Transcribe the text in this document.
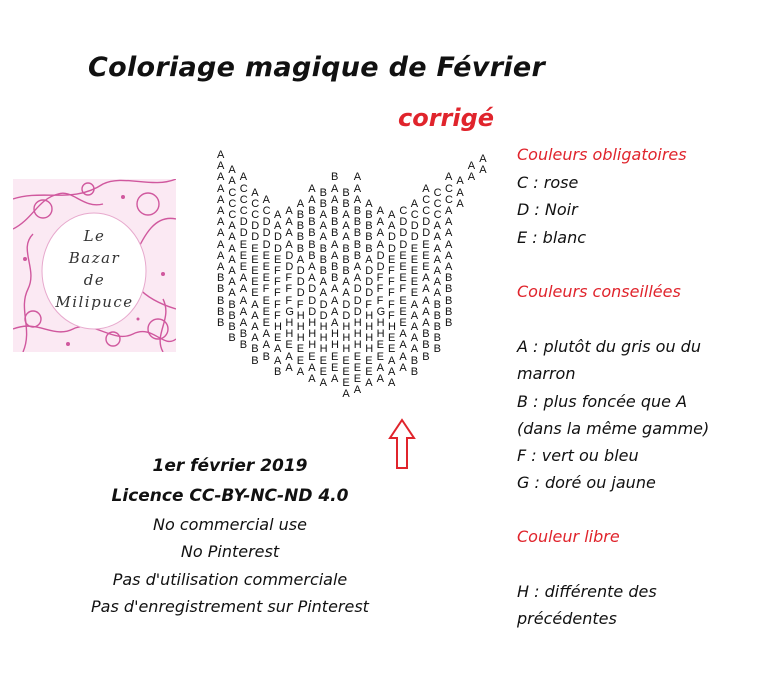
Coloriage magique de Février
corrigé
Le
Bazar
de
Milipuce
A	A
A A	A A
A A A	B A	A A A
A C C A	A B A B A	A C C A
A C C C A A A B A B A A	A C C C A
A C C C C A A B B A B A B B A A C C C C A
A A D D D A A B B A B A B B A A D D D A A
A A D D D D A B B A B A B B A D D D D A A
A A E E D D A B B B A B B B A D D E E A A
A A E E E E D A B B A B B A D E E E E A A
A A E E E F D D A B B B A D D F E E E A A
B A A E E F F D A A B A A D F F E E A A B
B A A E F F F D D A A A D D F F F E A A B
B B A A E F F F D D A D D F F F E A A B B
B B A A E F G H D D A D D H G F E A A B B
B B A A E H H H H H A H H H H H E A A B B
B B A A E H H H H H H H H H E A A B B
B B A A E E H H H H H H E E A A B B
B B A A E E E E E E E E A A B B
B A A A E E E E E A A A B
A A A E E A A A
A A
1er février 2019
Licence CC-BY-NC-ND 4.0
No commercial use
No Pinterest
Pas d'utilisation commerciale
Pas d'enregistrement sur Pinterest
Couleurs obligatoires
C : rose
D : Noir
E : blanc
Couleurs conseillées
A : plutôt du gris ou du
marron
B : plus foncée que A
(dans la même gamme)
F : vert ou bleu
G : doré ou jaune
Couleur libre
H : différente des
précédentes
